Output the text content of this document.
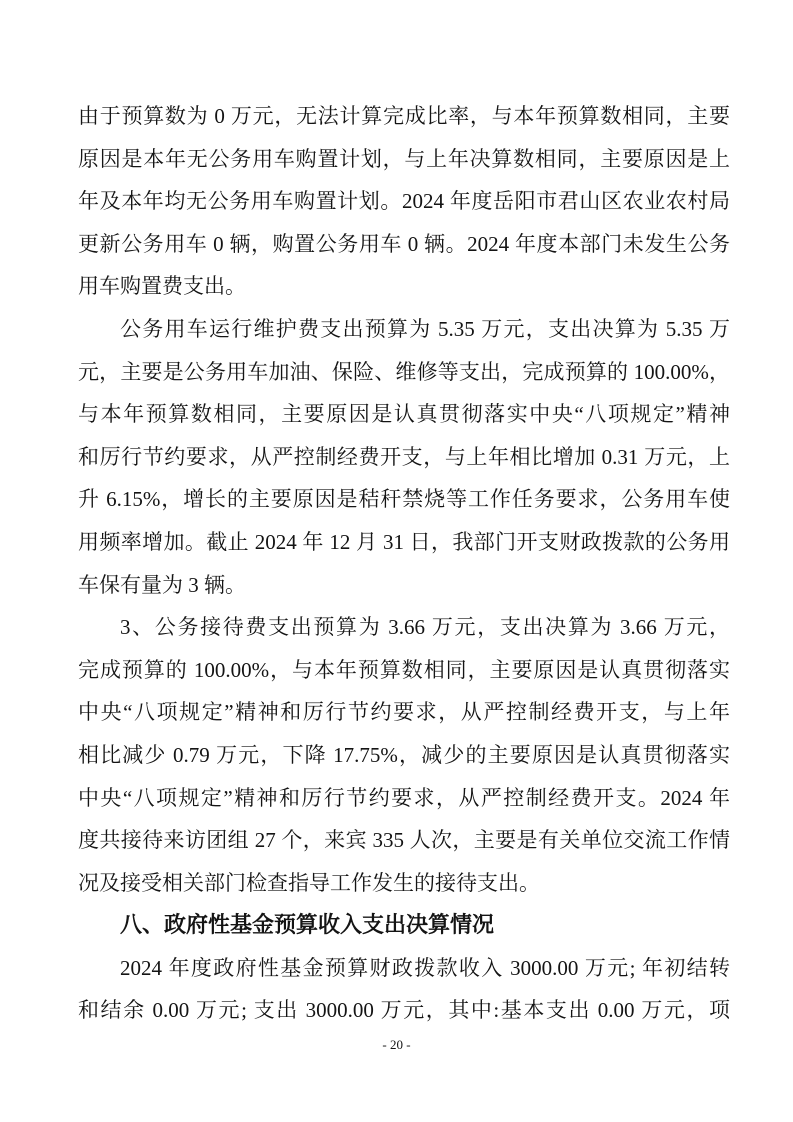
由于预算数为 0 万元，无法计算完成比率，与本年预算数相同，主要
原因是本年无公务用车购置计划，与上年决算数相同，主要原因是上
年及本年均无公务用车购置计划。2024 年度岳阳市君山区农业农村局
更新公务用车 0 辆，购置公务用车 0 辆。2024 年度本部门未发生公务
用车购置费支出。
公务用车运行维护费支出预算为 5.35 万元，支出决算为 5.35 万
元，主要是公务用车加油、保险、维修等支出，完成预算的 100.00%，
与本年预算数相同，主要原因是认真贯彻落实中央“八项规定”精神
和厉行节约要求，从严控制经费开支，与上年相比增加 0.31 万元，上
升 6.15%，增长的主要原因是秸秆禁烧等工作任务要求，公务用车使
用频率增加。截止 2024 年 12 月 31 日，我部门开支财政拨款的公务用
车保有量为 3 辆。
3、公务接待费支出预算为 3.66 万元，支出决算为 3.66 万元，
完成预算的 100.00%，与本年预算数相同，主要原因是认真贯彻落实
中央“八项规定”精神和厉行节约要求，从严控制经费开支，与上年
相比减少 0.79 万元，下降 17.75%，减少的主要原因是认真贯彻落实
中央“八项规定”精神和厉行节约要求，从严控制经费开支。2024 年
度共接待来访团组 27 个，来宾 335 人次，主要是有关单位交流工作情
况及接受相关部门检查指导工作发生的接待支出。
八、政府性基金预算收入支出决算情况
2024 年度政府性基金预算财政拨款收入 3000.00 万元; 年初结转
和结余 0.00 万元; 支出 3000.00 万元，其中:基本支出 0.00 万元，项
- 20 -
